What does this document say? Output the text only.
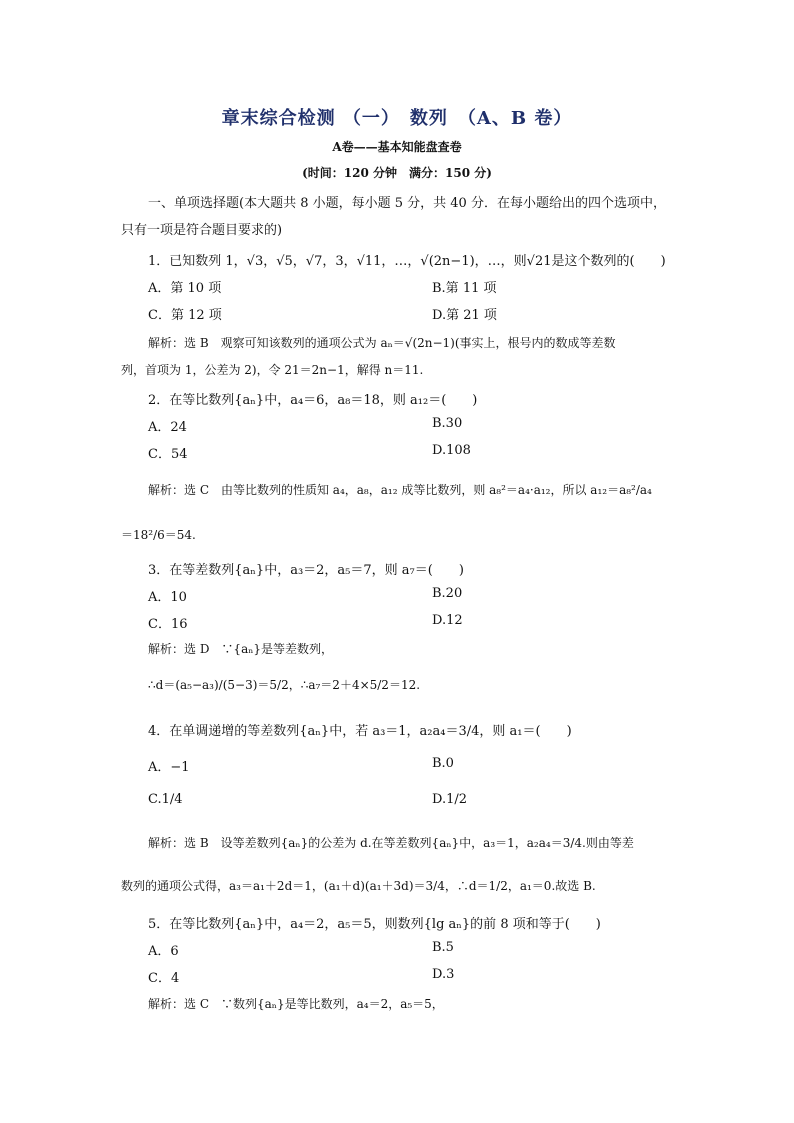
章末综合检测 （一）　数列　（A、B 卷）
A卷——基本知能盘查卷
(时间：120 分钟　满分：150 分)
一、单项选择题(本大题共 8 小题，每小题 5 分，共 40 分．在每小题给出的四个选项中，
只有一项是符合题目要求的)
1．已知数列 1，√3，√5，√7，3，√11，…，√(2n−1)，…，则√21是这个数列的(　　)
A．第 10 项	B.第 11 项
C．第 12 项	D.第 21 项
解析：选 B　观察可知该数列的通项公式为 aₙ＝√(2n−1)(事实上，根号内的数成等差数
列，首项为 1，公差为 2)，令 21＝2n−1，解得 n＝11.
2．在等比数列{aₙ}中，a₄＝6，a₈＝18，则 a₁₂＝(　　)
A．24	B.30
C．54	D.108
解析：选 C　由等比数列的性质知 a₄，a₈，a₁₂ 成等比数列，则 a₈²＝a₄·a₁₂，所以 a₁₂＝a₈²/a₄
＝18²/6＝54.
3．在等差数列{aₙ}中，a₃＝2，a₅＝7，则 a₇＝(　　)
A．10	B.20
C．16	D.12
解析：选 D　∵{aₙ}是等差数列，
∴d＝(a₅−a₃)/(5−3)＝5/2，∴a₇＝2＋4×5/2＝12.
4．在单调递增的等差数列{aₙ}中，若 a₃＝1，a₂a₄＝3/4，则 a₁＝(　　)
A．−1	B.0
C.1/4	D.1/2
解析：选 B　设等差数列{aₙ}的公差为 d.在等差数列{aₙ}中，a₃＝1，a₂a₄＝3/4.则由等差
数列的通项公式得，a₃＝a₁＋2d＝1，(a₁＋d)(a₁＋3d)＝3/4，∴d＝1/2，a₁＝0.故选 B.
5．在等比数列{aₙ}中，a₄＝2，a₅＝5，则数列{lg aₙ}的前 8 项和等于(　　)
A．6	B.5
C．4	D.3
解析：选 C　∵数列{aₙ}是等比数列，a₄＝2，a₅＝5，
